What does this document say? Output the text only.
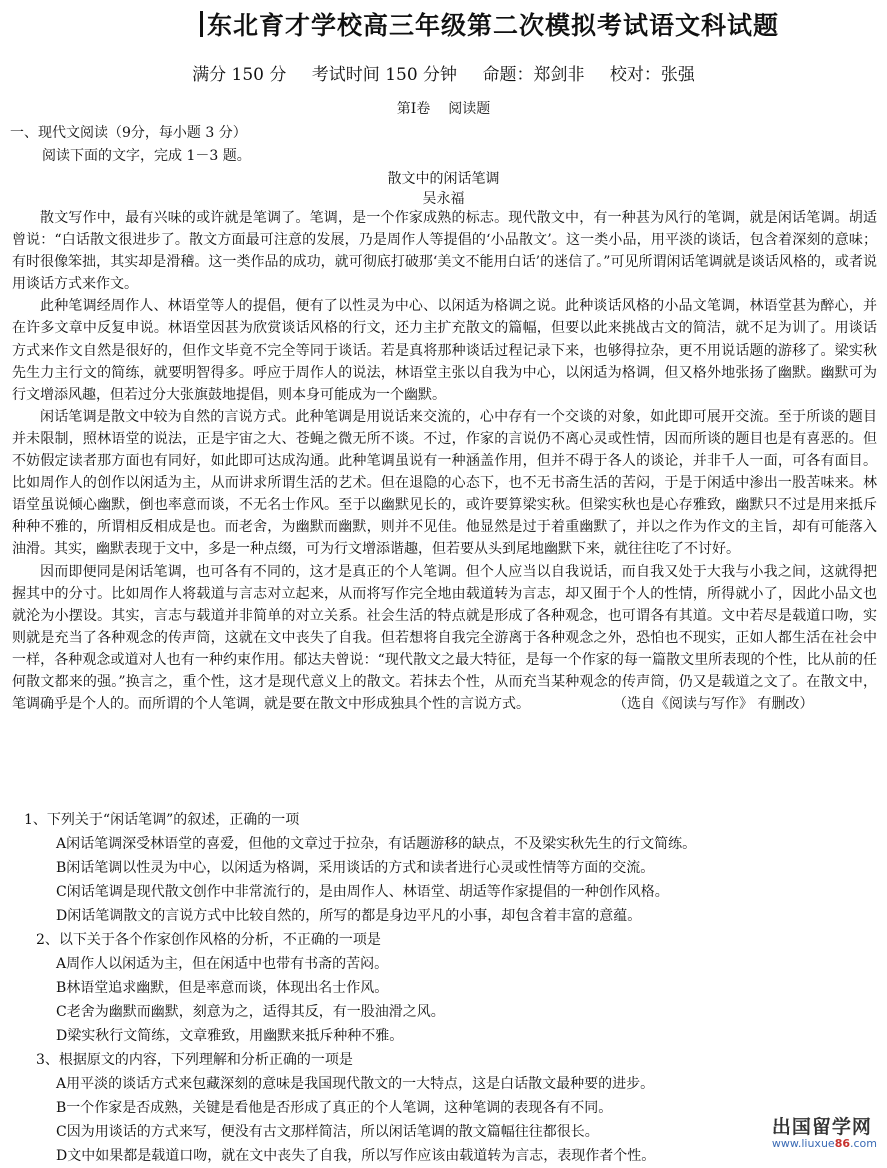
东北育才学校高三年级第二次模拟考试语文科试题
满分 150 分 考试时间 150 分钟 命题：郑剑非 校对：张强
第Ⅰ卷 阅读题
一、现代文阅读（9分，每小题 3 分）
阅读下面的文字，完成 1－3 题。
散文中的闲话笔调
吴永福

散文写作中，最有兴味的或许就是笔调了。笔调，是一个作家成熟的标志。现代散文中，有一种甚为风行的笔调，就是闲话笔调。胡适曾说：“白话散文很进步了。散文方面最可注意的发展，乃是周作人等提倡的‘小品散文’。这一类小品，用平淡的谈话，包含着深刻的意味；有时很像笨拙，其实却是滑稽。这一类作品的成功，就可彻底打破那‘美文不能用白话’的迷信了。”可见所谓闲话笔调就是谈话风格的，或者说用谈话方式来作文。

此种笔调经周作人、林语堂等人的提倡，便有了以性灵为中心、以闲适为格调之说。此种谈话风格的小品文笔调，林语堂甚为醉心，并在许多文章中反复申说。林语堂因甚为欣赏谈话风格的行文，还力主扩充散文的篇幅，但要以此来挑战古文的简洁，就不足为训了。用谈话方式来作文自然是很好的，但作文毕竟不完全等同于谈话。若是真将那种谈话过程记录下来，也够得拉杂，更不用说话题的游移了。梁实秋先生力主行文的简练，就要明智得多。呼应于周作人的说法，林语堂主张以自我为中心，以闲适为格调，但又格外地张扬了幽默。幽默可为行文增添风趣，但若过分大张旗鼓地提倡，则本身可能成为一个幽默。

闲话笔调是散文中较为自然的言说方式。此种笔调是用说话来交流的，心中存有一个交谈的对象，如此即可展开交流。至于所谈的题目并未限制，照林语堂的说法，正是宇宙之大、苍蝇之微无所不谈。不过，作家的言说仍不离心灵或性情，因而所谈的题目也是有喜恶的。但不妨假定读者那方面也有同好，如此即可达成沟通。此种笔调虽说有一种涵盖作用，但并不碍于各人的谈论，并非千人一面，可各有面目。比如周作人的创作以闲适为主，从而讲求所谓生活的艺术。但在退隐的心态下，也不无书斋生活的苦闷，于是于闲适中渗出一股苦味来。林语堂虽说倾心幽默，倒也率意而谈，不无名士作风。至于以幽默见长的，或许要算梁实秋。但梁实秋也是心存雅致，幽默只不过是用来抵斥种种不雅的，所谓相反相成是也。而老舍，为幽默而幽默，则并不见佳。他显然是过于着重幽默了，并以之作为作文的主旨，却有可能落入油滑。其实，幽默表现于文中，多是一种点缀，可为行文增添谐趣，但若要从头到尾地幽默下来，就往往吃了不讨好。

因而即便同是闲话笔调，也可各有不同的，这才是真正的个人笔调。但个人应当以自我说话，而自我又处于大我与小我之间，这就得把握其中的分寸。比如周作人将载道与言志对立起来，从而将写作完全地由载道转为言志，却又囿于个人的性情，所得就小了，因此小品文也就沦为小摆设。其实，言志与载道并非简单的对立关系。社会生活的特点就是形成了各种观念，也可谓各有其道。文中若尽是载道口吻，实则就是充当了各种观念的传声筒，这就在文中丧失了自我。但若想将自我完全游离于各种观念之外，恐怕也不现实，正如人都生活在社会中一样，各种观念或道对人也有一种约束作用。郁达夫曾说：“现代散文之最大特征，是每一个作家的每一篇散文里所表现的个性，比从前的任何散文都来的强。”换言之，重个性，这才是现代意义上的散文。若抹去个性，从而充当某种观念的传声筒，仍又是载道之文了。在散文中，笔调确乎是个人的。而所谓的个人笔调，就是要在散文中形成独具个性的言说方式。	（选自《阅读与写作》 有删改）

1、下列关于“闲话笔调”的叙述，正确的一项

A闲话笔调深受林语堂的喜爱，但他的文章过于拉杂，有话题游移的缺点，不及梁实秋先生的行文简练。

B闲话笔调以性灵为中心，以闲适为格调，采用谈话的方式和读者进行心灵或性情等方面的交流。

C闲话笔调是现代散文创作中非常流行的，是由周作人、林语堂、胡适等作家提倡的一种创作风格。

D闲话笔调散文的言说方式中比较自然的，所写的都是身边平凡的小事，却包含着丰富的意蕴。

2、以下关于各个作家创作风格的分析，不正确的一项是

A周作人以闲适为主，但在闲适中也带有书斋的苦闷。

B林语堂追求幽默，但是率意而谈，体现出名士作风。

C老舍为幽默而幽默，刻意为之，适得其反，有一股油滑之风。

D梁实秋行文简练，文章雅致，用幽默来抵斥种种不雅。

3、根据原文的内容，下列理解和分析正确的一项是

A用平淡的谈话方式来包藏深刻的意味是我国现代散文的一大特点，这是白话散文最种要的进步。

B一个作家是否成熟，关键是看他是否形成了真正的个人笔调，这种笔调的表现各有不同。

C因为用谈话的方式来写，便没有古文那样简洁，所以闲话笔调的散文篇幅往往都很长。

D文中如果都是载道口吻，就在文中丧失了自我，所以写作应该由载道转为言志，表现作者个性。

出国留学网
www.liuxue86.com
